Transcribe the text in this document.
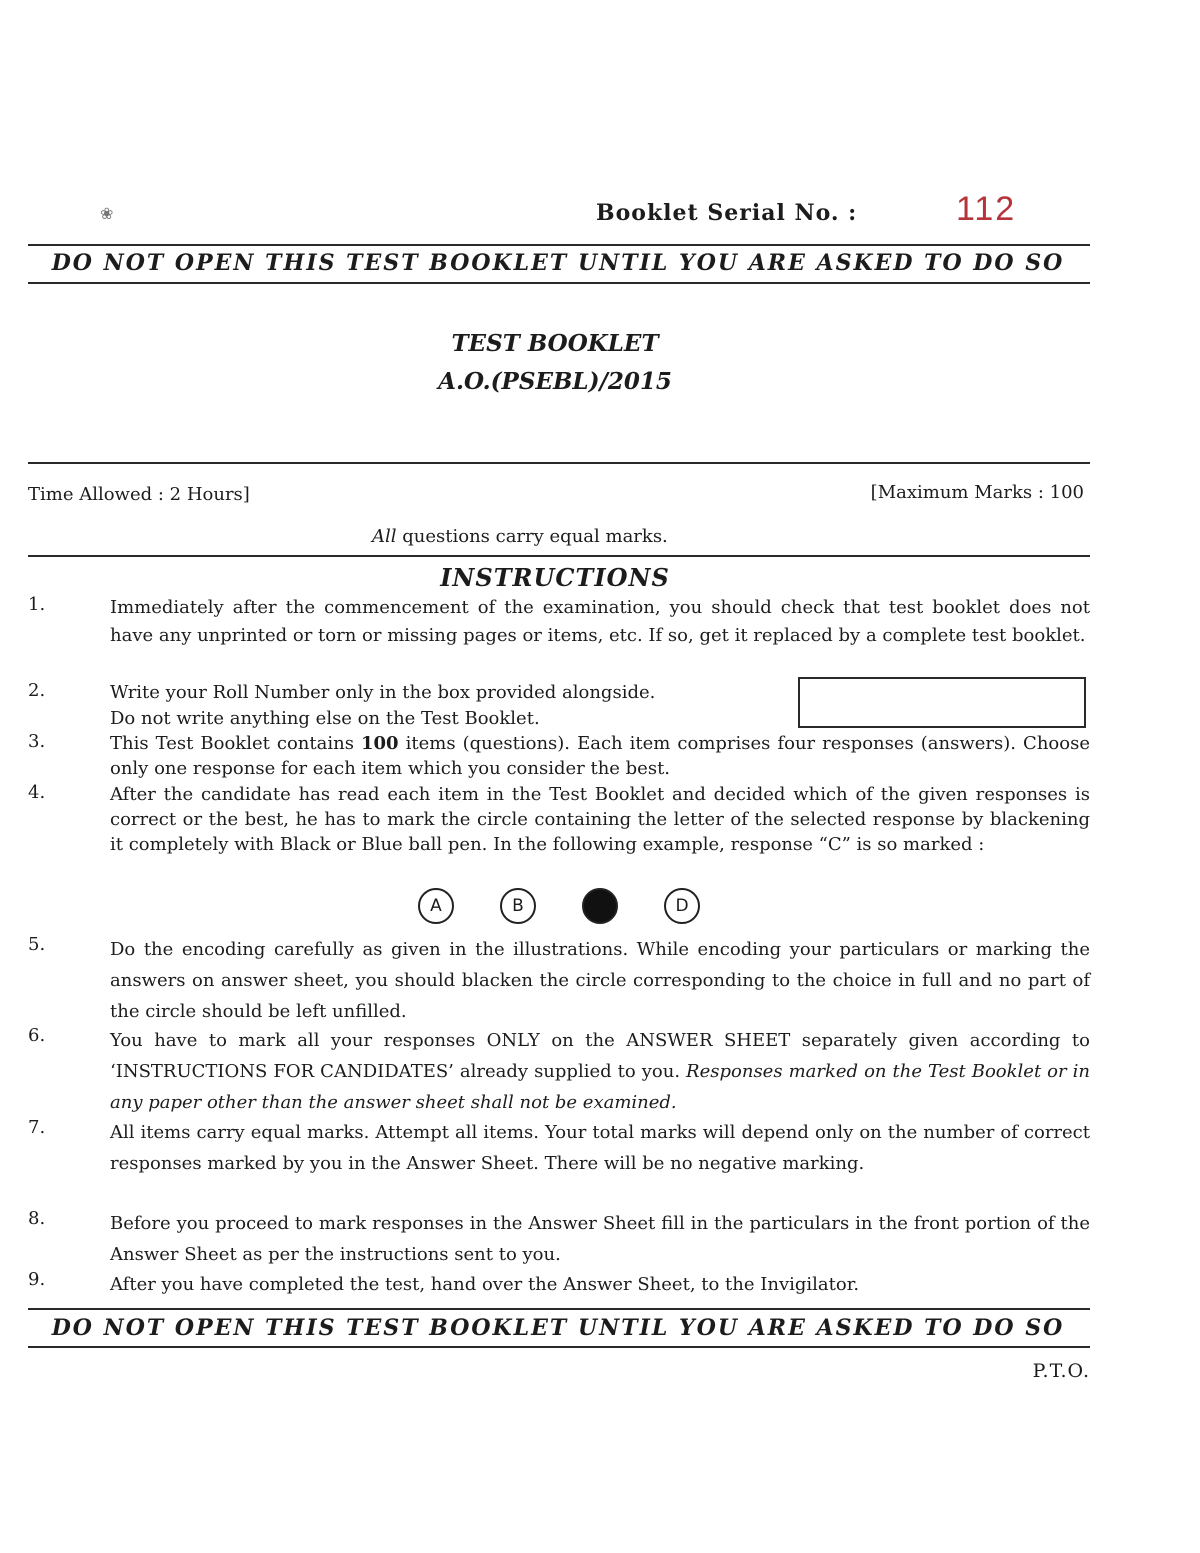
❀	Booklet Serial No. :	112
DO NOT OPEN THIS TEST BOOKLET UNTIL YOU ARE ASKED TO DO SO
TEST BOOKLET
A.O.(PSEBL)/2015
Time Allowed : 2 Hours]	[Maximum Marks : 100
All questions carry equal marks.
INSTRUCTIONS
1.	Immediately after the commencement of the examination, you should check that test booklet does not have any unprinted or torn or missing pages or items, etc. If so, get it replaced by a complete test booklet.
2.	Write your Roll Number only in the box provided alongside.
Do not write anything else on the Test Booklet.
3.	This Test Booklet contains 100 items (questions). Each item comprises four responses (answers). Choose only one response for each item which you consider the best.
4.	After the candidate has read each item in the Test Booklet and decided which of the given responses is correct or the best, he has to mark the circle containing the letter of the selected response by blackening it completely with Black or Blue ball pen. In the following example, response “C” is so marked :
A	B	C	D
5.	Do the encoding carefully as given in the illustrations. While encoding your particulars or marking the answers on answer sheet, you should blacken the circle corresponding to the choice in full and no part of the circle should be left unfilled.
6.	You have to mark all your responses ONLY on the ANSWER SHEET separately given according to ‘INSTRUCTIONS FOR CANDIDATES’ already supplied to you. Responses marked on the Test Booklet or in any paper other than the answer sheet shall not be examined.
7.	All items carry equal marks. Attempt all items. Your total marks will depend only on the number of correct responses marked by you in the Answer Sheet. There will be no negative marking.
8.	Before you proceed to mark responses in the Answer Sheet fill in the particulars in the front portion of the Answer Sheet as per the instructions sent to you.
9.	After you have completed the test, hand over the Answer Sheet, to the Invigilator.
DO NOT OPEN THIS TEST BOOKLET UNTIL YOU ARE ASKED TO DO SO
P.T.O.
